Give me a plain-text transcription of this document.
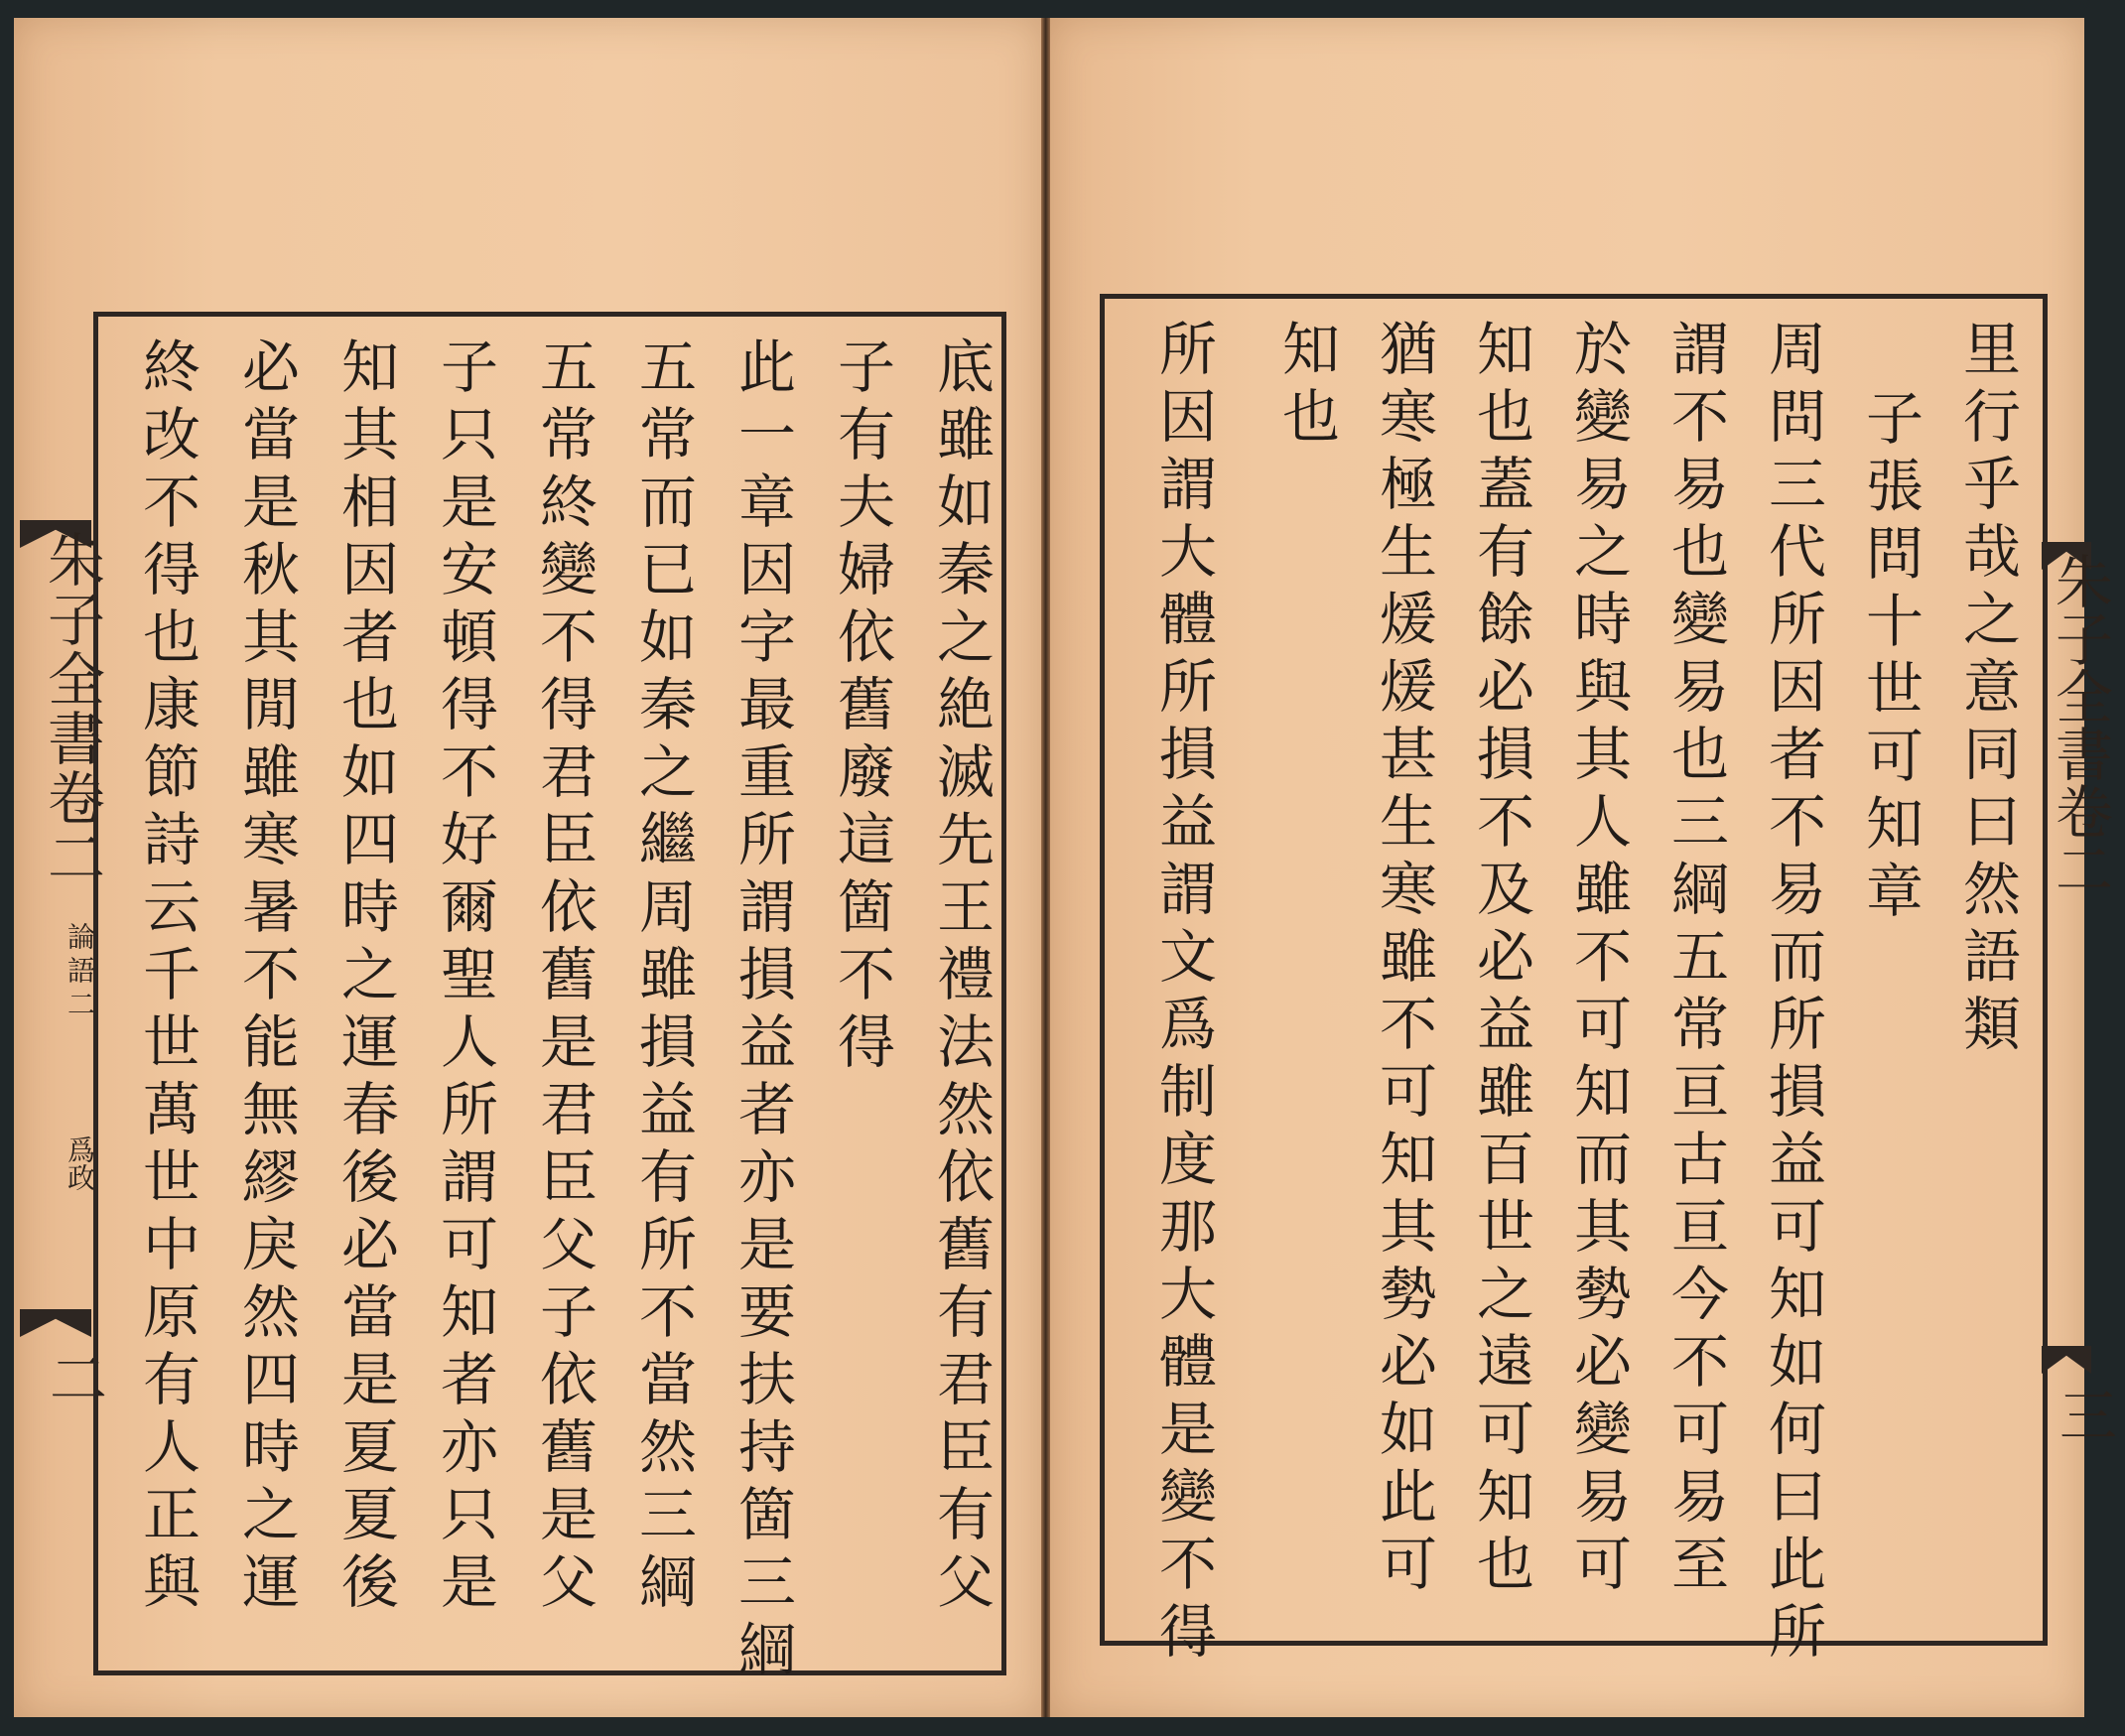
朱子全書卷二
論語二
爲政
二	底雖如秦之絶滅先王禮法然依舊有君臣有父
子有夫婦依舊廢這箇不得
此一章因字最重所謂損益者亦是要扶持箇三綱
五常而已如秦之繼周雖損益有所不當然三綱
五常終變不得君臣依舊是君臣父子依舊是父
子只是安頓得不好爾聖人所謂可知者亦只是
知其相因者也如四時之運春後必當是夏夏後
必當是秋其閒雖寒暑不能無繆戾然四時之運
終改不得也康節詩云千世萬世中原有人正與	里行乎哉之意同曰然語類
子張問十世可知章
周問三代所因者不易而所損益可知如何曰此所
謂不易也變易也三綱五常亘古亘今不可易至
於變易之時與其人雖不可知而其勢必變易可
知也蓋有餘必損不及必益雖百世之遠可知也
猶寒極生煖煖甚生寒雖不可知其勢必如此可
知也
所因謂大體所損益謂文爲制度那大體是變不得	朱子全書卷二
三
